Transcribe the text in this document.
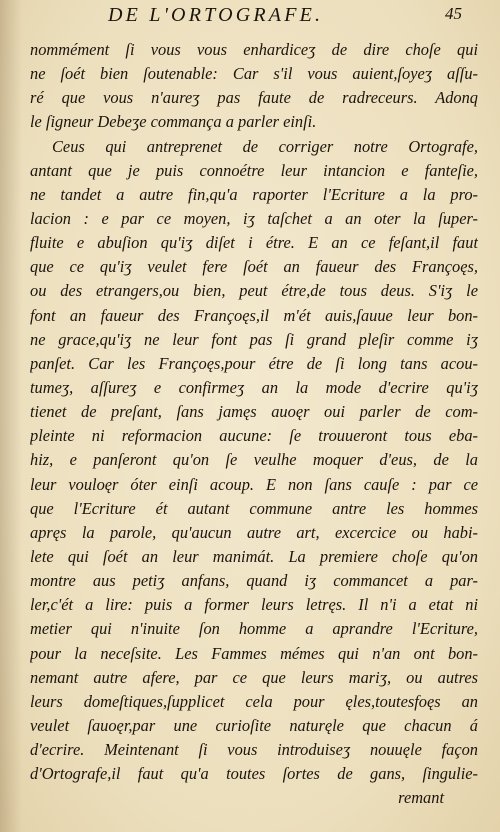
DE L'ORTOGRAFE.	45
nommément ſi vous vous enhardiceʒ de dire choſe qui
ne ſoét bien ſoutenable: Car s'il vous auient,ſoyeʒ aſſu-
ré que vous n'aureʒ pas faute de radreceurs. Adonq
le ſigneur Debeʒe commança a parler einſi.
Ceus qui antreprenet de corriger notre Ortografe,
antant que je puis connoétre leur intancion e fanteſie,
ne tandet a autre fin,qu'a raporter l'Ecriture a la pro-
lacion : e par ce moyen, iʒ taſchet a an oter la ſuper-
fluite e abuſion qu'iʒ diſet i étre. E an ce feſant,il faut
que ce qu'iʒ veulet fere ſoét an faueur des Françoęs,
ou des etrangers,ou bien, peut étre,de tous deus. S'iʒ le
font an faueur des Françoęs,il m'ét auis,ſauue leur bon-
ne grace,qu'iʒ ne leur font pas ſi grand pleſir comme iʒ
panſet. Car les Françoęs,pour étre de ſi long tans acou-
tumeʒ, aſſureʒ e confirmeʒ an la mode d'ecrire qu'iʒ
tienet de preſant, ſans jamęs auoęr oui parler de com-
pleinte ni reformacion aucune: ſe trouueront tous eba-
hiz, e panſeront qu'on ſe veulhe moquer d'eus, de la
leur vouloęr óter einſi acoup. E non ſans cauſe : par ce
que l'Ecriture ét autant commune antre les hommes
apręs la parole, qu'aucun autre art, excercice ou habi-
lete qui ſoét an leur manimát. La premiere choſe qu'on
montre aus petiʒ anfans, quand iʒ commancet a par-
ler,c'ét a lire: puis a former leurs letręs. Il n'i a etat ni
metier qui n'inuite ſon homme a aprandre l'Ecriture,
pour la neceſsite. Les Fammes mémes qui n'an ont bon-
nemant autre afere, par ce que leurs mariʒ, ou autres
leurs domeſtiques,ſupplicet cela pour ęles,toutesfoęs an
veulet ſauoęr,par une curioſite naturęle que chacun á
d'ecrire. Meintenant ſi vous introduiseʒ nouuęle façon
d'Ortografe,il faut qu'a toutes ſortes de gans, ſingulie-
remant
